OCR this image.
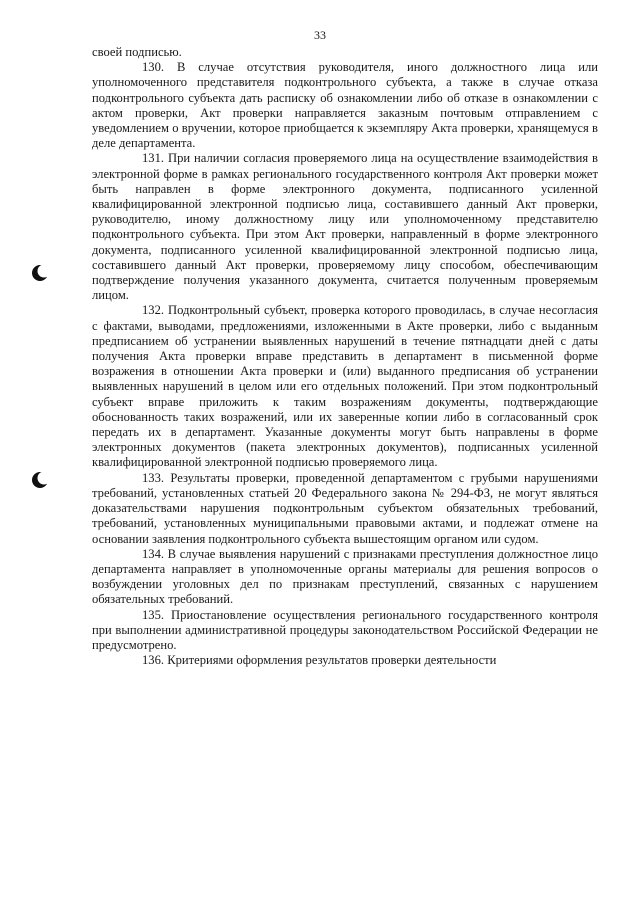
33

своей подписью.

130. В случае отсутствия руководителя, иного должностного лица или уполномоченного представителя подконтрольного субъекта, а также в случае отказа подконтрольного субъекта дать расписку об ознакомлении либо об отказе в ознакомлении с актом проверки, Акт проверки направляется заказным почтовым отправлением с уведомлением о вручении, которое приобщается к экземпляру Акта проверки, хранящемуся в деле департамента.

131. При наличии согласия проверяемого лица на осуществление взаимодействия в электронной форме в рамках регионального государственного контроля Акт проверки может быть направлен в форме электронного документа, подписанного усиленной квалифицированной электронной подписью лица, составившего данный Акт проверки, руководителю, иному должностному лицу или уполномоченному представителю подконтрольного субъекта. При этом Акт проверки, направленный в форме электронного документа, подписанного усиленной квалифицированной электронной подписью лица, составившего данный Акт проверки, проверяемому лицу способом, обеспечивающим подтверждение получения указанного документа, считается полученным проверяемым лицом.

132. Подконтрольный субъект, проверка которого проводилась, в случае несогласия с фактами, выводами, предложениями, изложенными в Акте проверки, либо с выданным предписанием об устранении выявленных нарушений в течение пятнадцати дней с даты получения Акта проверки вправе представить в департамент в письменной форме возражения в отношении Акта проверки и (или) выданного предписания об устранении выявленных нарушений в целом или его отдельных положений. При этом подконтрольный субъект вправе приложить к таким возражениям документы, подтверждающие обоснованность таких возражений, или их заверенные копии либо в согласованный срок передать их в департамент. Указанные документы могут быть направлены в форме электронных документов (пакета электронных документов), подписанных усиленной квалифицированной электронной подписью проверяемого лица.

133. Результаты проверки, проведенной департаментом с грубыми нарушениями требований, установленных статьей 20 Федерального закона № 294-ФЗ, не могут являться доказательствами нарушения подконтрольным субъектом обязательных требований, требований, установленных муниципальными правовыми актами, и подлежат отмене на основании заявления подконтрольного субъекта вышестоящим органом или судом.

134. В случае выявления нарушений с признаками преступления должностное лицо департамента направляет в уполномоченные органы материалы для решения вопросов о возбуждении уголовных дел по признакам преступлений, связанных с нарушением обязательных требований.

135. Приостановление осуществления регионального государственного контроля при выполнении административной процедуры законодательством Российской Федерации не предусмотрено.

136. Критериями оформления результатов проверки деятельности
